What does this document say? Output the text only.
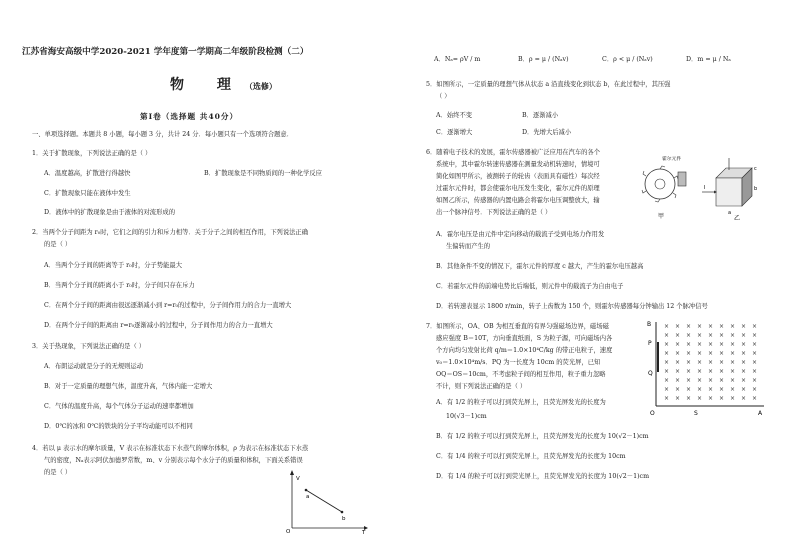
江苏省海安高级中学2020-2021 学年度第一学期高二年级阶段检测（二）
物 理（选修）
第Ⅰ卷（选择题 共40分）
一、单项选择题。本题共 8 小题，每小题 3 分，共计 24 分．每小题只有一个选项符合题意．
1．关于扩散现象，下列说法正确的是（ ）
A．温度越高，扩散进行得越快	B．扩散现象是不同物质间的一种化学反应
C．扩散现象只能在液体中发生
D．液体中的扩散现象是由于液体的对流形成的
2．当两个分子间距为 r₀时，它们之间的引力和斥力相等．关于分子之间的相互作用，下列说法正确
的是（ ）
A．当两个分子间的距离等于 r₀时，分子势能最大
B．当两个分子间的距离小于 r₀时，分子间只存在斥力
C．在两个分子间的距离由很远逐渐减小到 r=r₀的过程中，分子间作用力的合力一直增大
D．在两个分子间的距离由 r=r₀逐渐减小的过程中，分子间作用力的合力一直增大
3．关于热现象，下列说法正确的是（ ）
A．布朗运动就是分子的无规则运动
B．对于一定质量的理想气体，温度升高，气体内能一定增大
C．气体的温度升高，每个气体分子运动的速率都增加
D．0℃的冰和 0℃的铁块的分子平均动能可以不相同
4．若以 μ 表示水的摩尔质量，V 表示在标准状态下水蒸气的摩尔体积，ρ 为表示在标准状态下水蒸
气的密度，Nₐ表示阿伏加德罗常数，m、v 分别表示每个水分子的质量和体积，下面关系错误
的是（ ）
V
O	T
a
b
A．Nₐ= ρV / m	B．ρ = μ / (Nₐv)	C．ρ < μ / (Nₐv)	D．m = μ / Nₐ
5．如图所示，一定质量的理想气体从状态 a 沿直线变化到状态 b，在此过程中，其压强
（ ）
A．始终不变	B．逐渐减小
C．逐渐增大	D．先增大后减小
6．随着电子技术的发展，霍尔传感器被广泛应用在汽车的各个
系统中，其中霍尔转速传感器在测量发动机转速时，情境可
简化如图甲所示，被测转子的轮齿（表面具有磁性）每次经
过霍尔元件时，都会使霍尔电压发生变化，霍尔元件的原理
如图乙所示，传感器的内置电路会将霍尔电压调整放大，输
出一个脉冲信号．下列说法正确的是（ ）
霍尔元件
甲
I
c
b
a
乙
A．霍尔电压是由元件中定向移动的载流子受到电场力作用发
生偏转而产生的
B．其他条件不变的情况下，霍尔元件的厚度 c 越大，产生的霍尔电压越高
C．若霍尔元件的前端电势比后端低，则元件中的载流子为自由电子
D．若转速表显示 1800 r/min，转子上齿数为 150 个，则霍尔传感器每分钟输出 12 个脉冲信号
7．如图所示，OA、OB 为相互垂直的有界匀强磁场边界，磁场磁
感应强度 B＝10T，方向垂直纸面，S 为粒子源，可向磁场内各
个方向均匀发射比荷 q/m＝1.0×10⁴C/kg 的带正电粒子，速度
v₀＝1.0×10⁴m/s．PQ 为一长度为 10cm 的荧光屏，已知
OQ＝OS＝10cm，不考虑粒子间的相互作用，粒子重力忽略
不计，则下列说法正确的是（ ）
A．有 1/2 的粒子可以打到荧光屏上，且荧光屏发光的长度为
10(√3－1)cm
B．有 1/2 的粒子可以打到荧光屏上，且荧光屏发光的长度为 10(√2－1)cm
C．有 1/4 的粒子可以打到荧光屏上，且荧光屏发光的长度为 10cm
D．有 1/4 的粒子可以打到荧光屏上，且荧光屏发光的长度为 10(√2－1)cm
× × × × × × × × ×
× × × × × × × × ×
× × × × × × × × ×
× × × × × × × × ×
× × × × × × × × ×
× × × × × × × × ×
× × × × × × × × ×
× × × × × × × × ×
× × × × × × × × ×
B
P
Q
O	S	A
